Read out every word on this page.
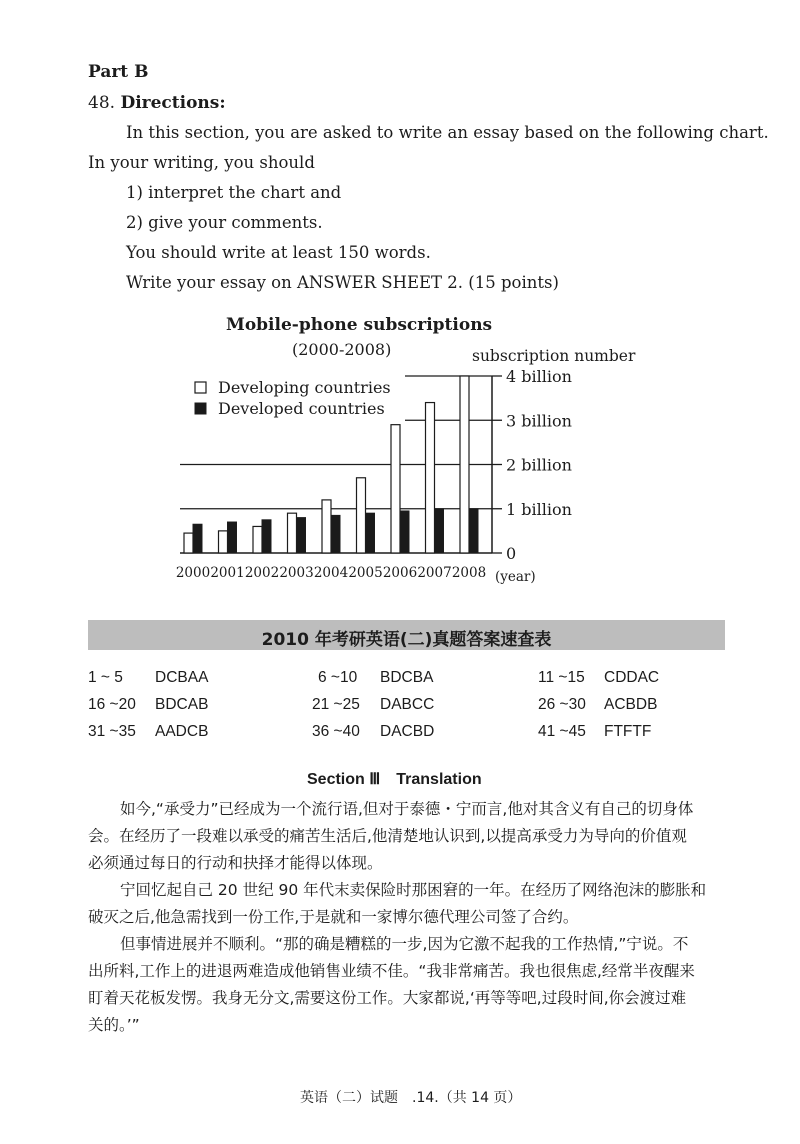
Part B
48. Directions:
In this section, you are asked to write an essay based on the following chart.
In your writing, you should
1) interpret the chart and
2) give your comments.
You should write at least 150 words.
Write your essay on ANSWER SHEET 2. (15 points)
Mobile-phone subscriptions
(2000-2008)
0
1 billion
2 billion
3 billion
4 billion
subscription number
2000 2001 2002 2003 2004 2005 2006 2007 2008 (year)
Developing countries
Developed countries
2010 年考研英语(二)真题答案速查表
1 ~ 5 DCBAA	6 ~10 BDCBA	11 ~15 CDDAC
16 ~20 BDCAB	21 ~25 DABCC	26 ~30 ACBDB
31 ~35 AADCB	36 ~40 DACBD	41 ~45 FTFTF
Section Ⅲ　Translation
如今,“承受力”已经成为一个流行语,但对于泰德・宁而言,他对其含义有自己的切身体
会。在经历了一段难以承受的痛苦生活后,他清楚地认识到,以提高承受力为导向的价值观
必须通过每日的行动和抉择才能得以体现。
宁回忆起自己 20 世纪 90 年代末卖保险时那困窘的一年。在经历了网络泡沫的膨胀和
破灭之后,他急需找到一份工作,于是就和一家博尔德代理公司签了合约。
但事情进展并不顺利。“那的确是糟糕的一步,因为它激不起我的工作热情,”宁说。不
出所料,工作上的进退两难造成他销售业绩不佳。“我非常痛苦。我也很焦虑,经常半夜醒来
盯着天花板发愣。我身无分文,需要这份工作。大家都说,‘再等等吧,过段时间,你会渡过难
关的。’”
英语（二）试题　.14.（共 14 页）
